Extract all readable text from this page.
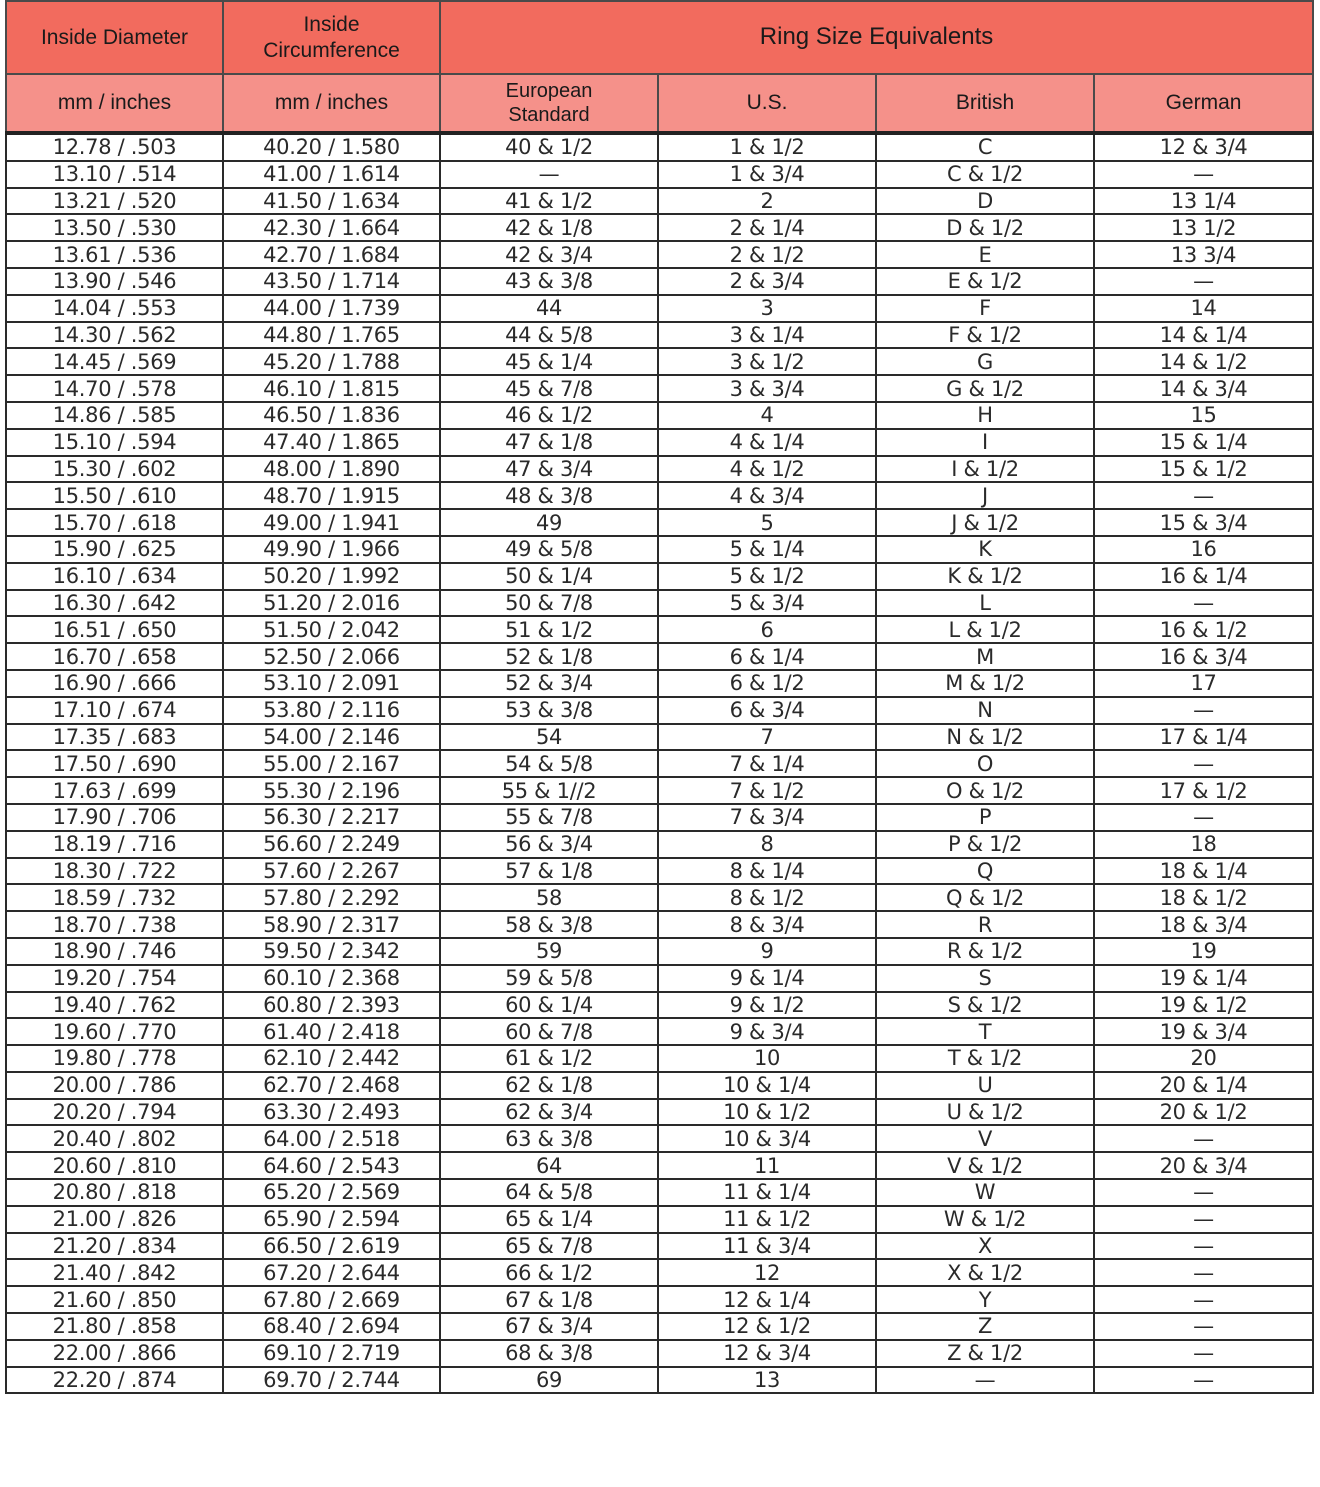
Inside Diameter	Inside Circumference	Ring Size Equivalents			
mm / inches	mm / inches	European Standard	U.S.	British	German
12.78 / .503	40.20 / 1.580	40 & 1/2	1 & 1/2	C	12 & 3/4
13.10 / .514	41.00 / 1.614	—	1 & 3/4	C & 1/2	—
13.21 / .520	41.50 / 1.634	41 & 1/2	2	D	13 1/4
13.50 / .530	42.30 / 1.664	42 & 1/8	2 & 1/4	D & 1/2	13 1/2
13.61 / .536	42.70 / 1.684	42 & 3/4	2 & 1/2	E	13 3/4
13.90 / .546	43.50 / 1.714	43 & 3/8	2 & 3/4	E & 1/2	—
14.04 / .553	44.00 / 1.739	44	3	F	14
14.30 / .562	44.80 / 1.765	44 & 5/8	3 & 1/4	F & 1/2	14 & 1/4
14.45 / .569	45.20 / 1.788	45 & 1/4	3 & 1/2	G	14 & 1/2
14.70 / .578	46.10 / 1.815	45 & 7/8	3 & 3/4	G & 1/2	14 & 3/4
14.86 / .585	46.50 / 1.836	46 & 1/2	4	H	15
15.10 / .594	47.40 / 1.865	47 & 1/8	4 & 1/4	I	15 & 1/4
15.30 / .602	48.00 / 1.890	47 & 3/4	4 & 1/2	I & 1/2	15 & 1/2
15.50 / .610	48.70 / 1.915	48 & 3/8	4 & 3/4	J	—
15.70 / .618	49.00 / 1.941	49	5	J & 1/2	15 & 3/4
15.90 / .625	49.90 / 1.966	49 & 5/8	5 & 1/4	K	16
16.10 / .634	50.20 / 1.992	50 & 1/4	5 & 1/2	K & 1/2	16 & 1/4
16.30 / .642	51.20 / 2.016	50 & 7/8	5 & 3/4	L	—
16.51 / .650	51.50 / 2.042	51 & 1/2	6	L & 1/2	16 & 1/2
16.70 / .658	52.50 / 2.066	52 & 1/8	6 & 1/4	M	16 & 3/4
16.90 / .666	53.10 / 2.091	52 & 3/4	6 & 1/2	M & 1/2	17
17.10 / .674	53.80 / 2.116	53 & 3/8	6 & 3/4	N	—
17.35 / .683	54.00 / 2.146	54	7	N & 1/2	17 & 1/4
17.50 / .690	55.00 / 2.167	54 & 5/8	7 & 1/4	O	—
17.63 / .699	55.30 / 2.196	55 & 1//2	7 & 1/2	O & 1/2	17 & 1/2
17.90 / .706	56.30 / 2.217	55 & 7/8	7 & 3/4	P	—
18.19 / .716	56.60 / 2.249	56 & 3/4	8	P & 1/2	18
18.30 / .722	57.60 / 2.267	57 & 1/8	8 & 1/4	Q	18 & 1/4
18.59 / .732	57.80 / 2.292	58	8 & 1/2	Q & 1/2	18 & 1/2
18.70 / .738	58.90 / 2.317	58 & 3/8	8 & 3/4	R	18 & 3/4
18.90 / .746	59.50 / 2.342	59	9	R & 1/2	19
19.20 / .754	60.10 / 2.368	59 & 5/8	9 & 1/4	S	19 & 1/4
19.40 / .762	60.80 / 2.393	60 & 1/4	9 & 1/2	S & 1/2	19 & 1/2
19.60 / .770	61.40 / 2.418	60 & 7/8	9 & 3/4	T	19 & 3/4
19.80 / .778	62.10 / 2.442	61 & 1/2	10	T & 1/2	20
20.00 / .786	62.70 / 2.468	62 & 1/8	10 & 1/4	U	20 & 1/4
20.20 / .794	63.30 / 2.493	62 & 3/4	10 & 1/2	U & 1/2	20 & 1/2
20.40 / .802	64.00 / 2.518	63 & 3/8	10 & 3/4	V	—
20.60 / .810	64.60 / 2.543	64	11	V & 1/2	20 & 3/4
20.80 / .818	65.20 / 2.569	64 & 5/8	11 & 1/4	W	—
21.00 / .826	65.90 / 2.594	65 & 1/4	11 & 1/2	W & 1/2	—
21.20 / .834	66.50 / 2.619	65 & 7/8	11 & 3/4	X	—
21.40 / .842	67.20 / 2.644	66 & 1/2	12	X & 1/2	—
21.60 / .850	67.80 / 2.669	67 & 1/8	12 & 1/4	Y	—
21.80 / .858	68.40 / 2.694	67 & 3/4	12 & 1/2	Z	—
22.00 / .866	69.10 / 2.719	68 & 3/8	12 & 3/4	Z & 1/2	—
22.20 / .874	69.70 / 2.744	69	13	—	—
